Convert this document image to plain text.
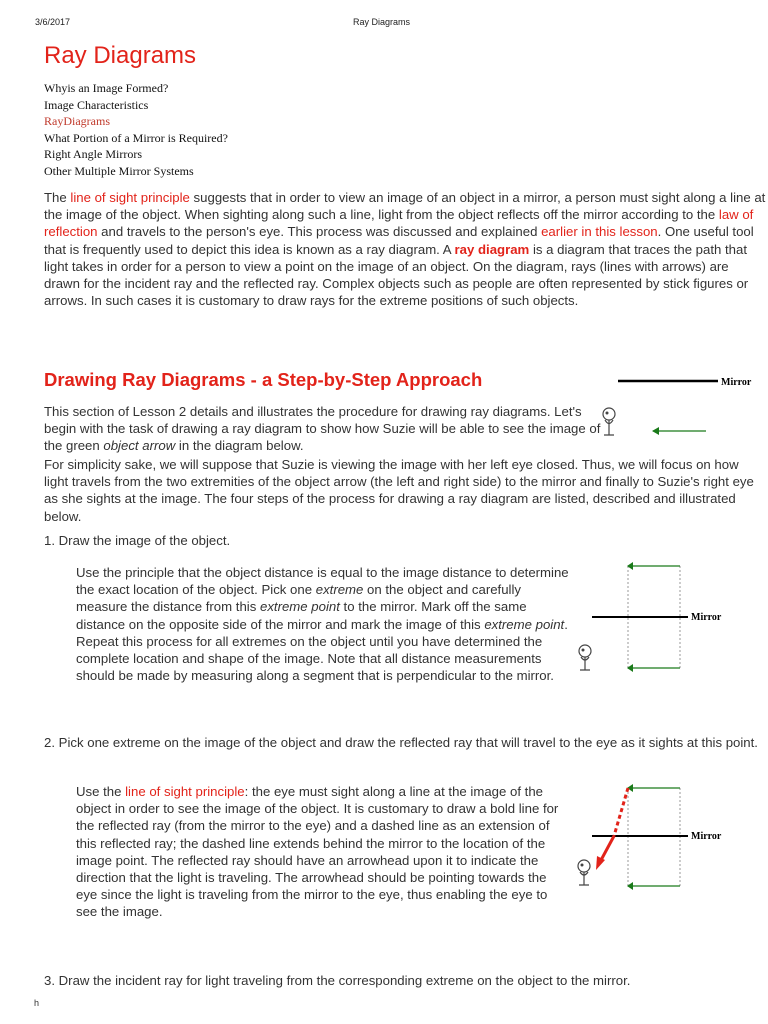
3/6/2017	Ray Diagrams
Ray Diagrams
Whyis an Image Formed?
Image Characteristics
RayDiagrams
What Portion of a Mirror is Required?
Right Angle Mirrors
Other Multiple Mirror Systems

The line of sight principle suggests that in order to view an image of an object in a mirror, a person must sight along a line at the image of the object. When sighting along such a line, light from the object reflects off the mirror according to the law of reflection and travels to the person's eye. This process was discussed and explained earlier in this lesson. One useful tool that is frequently used to depict this idea is known as a ray diagram. A ray diagram is a diagram that traces the path that light takes in order for a person to view a point on the image of an object. On the diagram, rays (lines with arrows) are drawn for the incident ray and the reflected ray. Complex objects such as people are often represented by stick figures or arrows. In such cases it is customary to draw rays for the extreme positions of such objects.

Drawing Ray Diagrams - a Step-by-Step Approach	Mirror

This section of Lesson 2 details and illustrates the procedure for drawing ray diagrams. Let's begin with the task of drawing a ray diagram to show how Suzie will be able to see the image of the green object arrow in the diagram below.

For simplicity sake, we will suppose that Suzie is viewing the image with her left eye closed. Thus, we will focus on how light travels from the two extremities of the object arrow (the left and right side) to the mirror and finally to Suzie's right eye as she sights at the image. The four steps of the process for drawing a ray diagram are listed, described and illustrated below.

1. Draw the image of the object.

Use the principle that the object distance is equal to the image distance to determine the exact location of the object. Pick one extreme on the object and carefully measure the distance from this extreme point to the mirror. Mark off the same distance on the opposite side of the mirror and mark the image of this extreme point. Repeat this process for all extremes on the object until you have determined the complete location and shape of the image. Note that all distance measurements should be made by measuring along a segment that is perpendicular to the mirror.

Mirror

2. Pick one extreme on the image of the object and draw the reflected ray that will travel to the eye as it sights at this point.

Use the line of sight principle: the eye must sight along a line at the image of the object in order to see the image of the object. It is customary to draw a bold line for the reflected ray (from the mirror to the eye) and a dashed line as an extension of this reflected ray; the dashed line extends behind the mirror to the location of the image point. The reflected ray should have an arrowhead upon it to indicate the direction that the light is traveling. The arrowhead should be pointing towards the eye since the light is traveling from the mirror to the eye, thus enabling the eye to see the image.

Mirror
3. Draw the incident ray for light traveling from the corresponding extreme on the object to the mirror.
h
